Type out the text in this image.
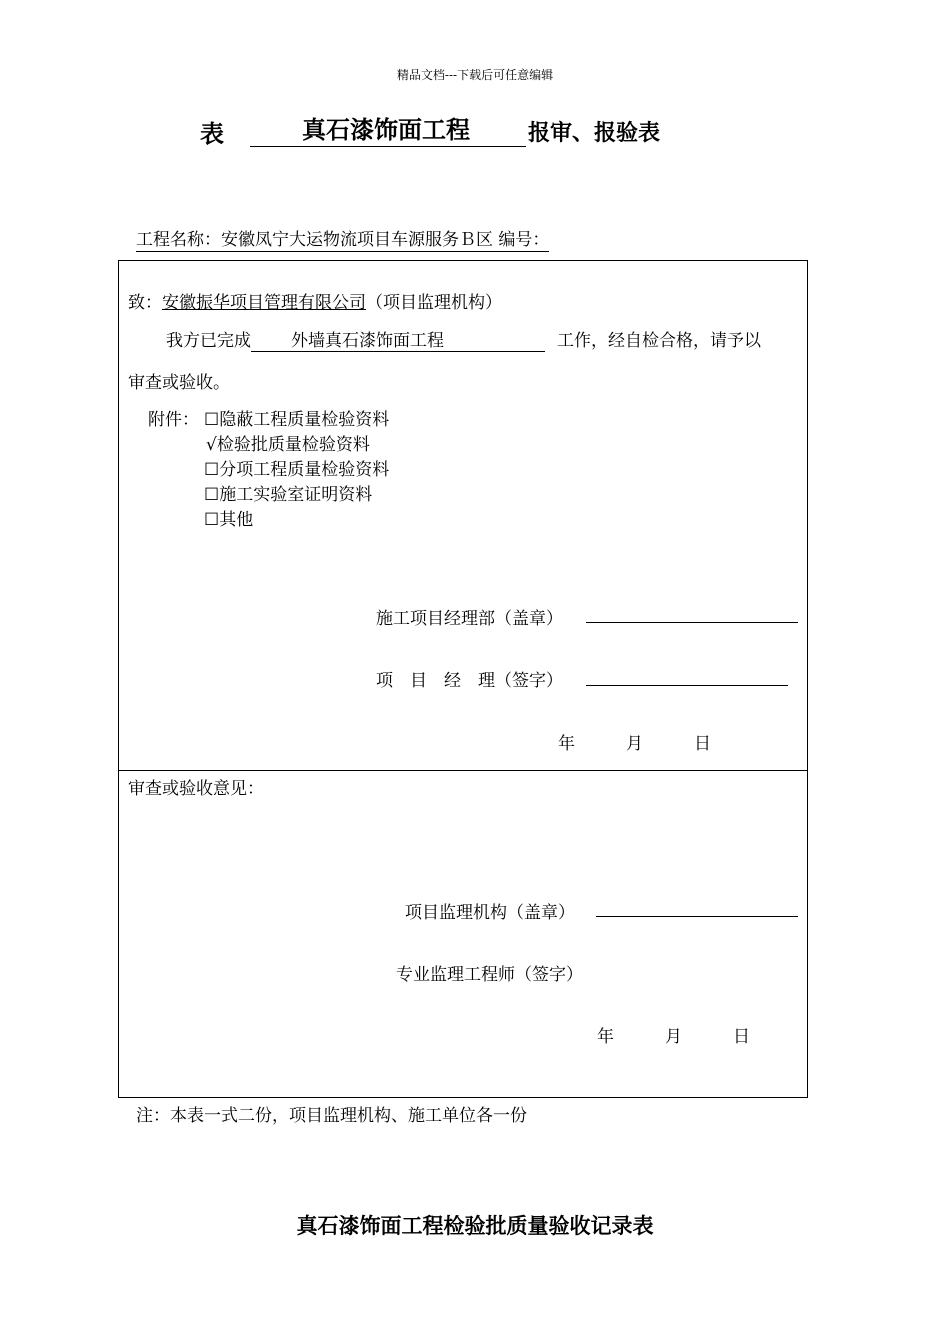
精品文档---下载后可任意编辑
表	真石漆饰面工程	报审、报验表
工程名称：安徽凤宁大运物流项目车源服务Ｂ区 编号：
致：安徽振华项目管理有限公司（项目监理机构）
我方已完成 外墙真石漆饰面工程	工作，经自检合格，请予以
审查或验收。
附件： ☐隐蔽工程质量检验资料
√检验批质量检验资料
☐分项工程质量检验资料
☐施工实验室证明资料
☐其他
施工项目经理部（盖章）
项　目　经　理（签字）
年　　　月　　　日
审查或验收意见：
项目监理机构（盖章）
专业监理工程师（签字）
年　　　月　　　日
注：本表一式二份，项目监理机构、施工单位各一份
真石漆饰面工程检验批质量验收记录表
